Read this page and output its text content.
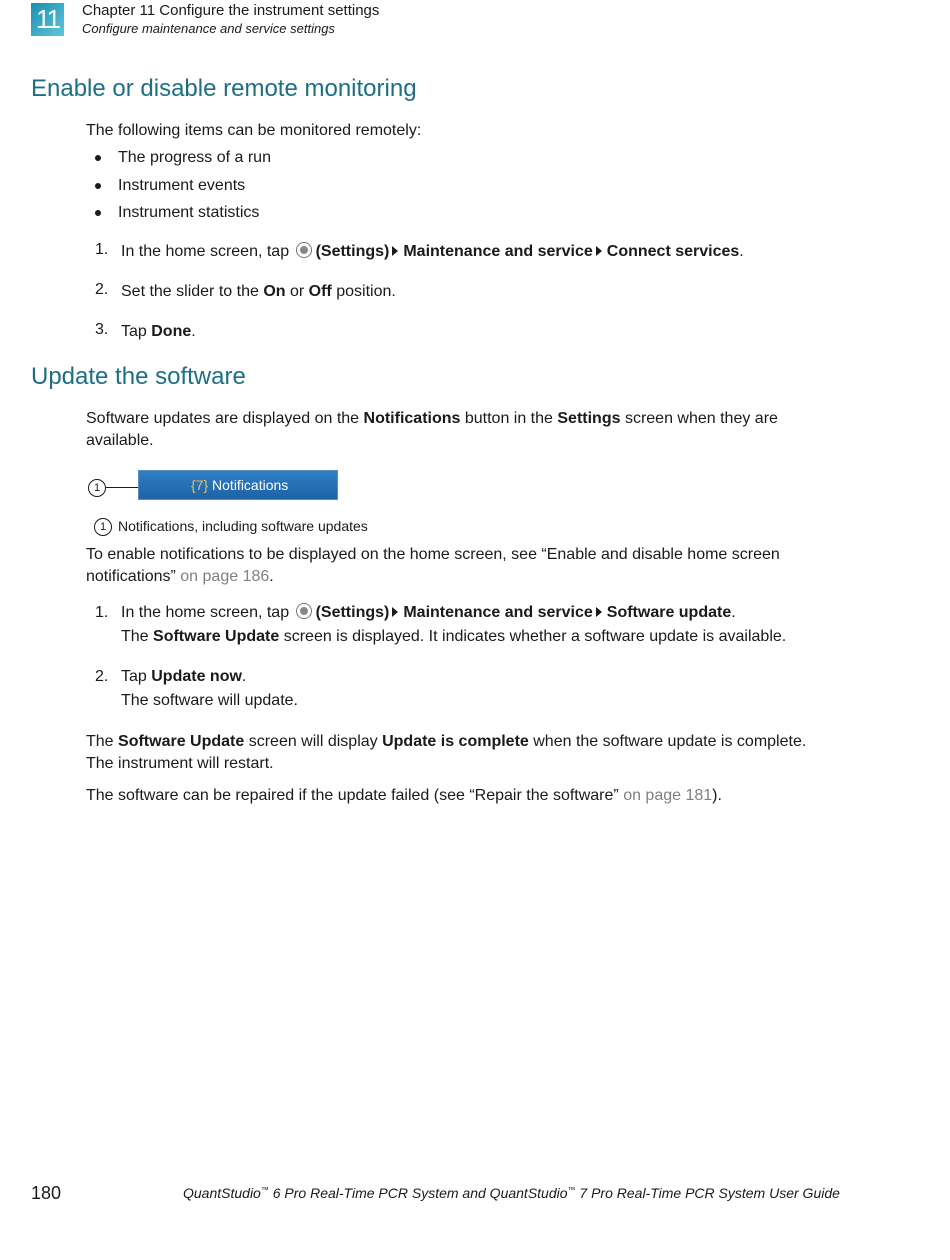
11	Chapter 11 Configure the instrument settings
Configure maintenance and service settings
Enable or disable remote monitoring

The following items can be monitored remotely:

The progress of a run
Instrument events
Instrument statistics
1. In the home screen, tap (Settings) Maintenance and service Connect services.
2. Set the slider to the On or Off position.
3. Tap Done.
Update the software

Software updates are displayed on the Notifications button in the Settings screen when they are
available.

1	{7} Notifications
1 Notifications, including software updates

To enable notifications to be displayed on the home screen, see “Enable and disable home screen
notifications” on page 186.

1. In the home screen, tap (Settings) Maintenance and service Software update.
The Software Update screen is displayed. It indicates whether a software update is available.
2. Tap Update now.
The software will update.

The Software Update screen will display Update is complete when the software update is complete.
The instrument will restart.

The software can be repaired if the update failed (see “Repair the software” on page 181).

180	QuantStudio™ 6 Pro Real-Time PCR System and QuantStudio™ 7 Pro Real-Time PCR System User Guide
